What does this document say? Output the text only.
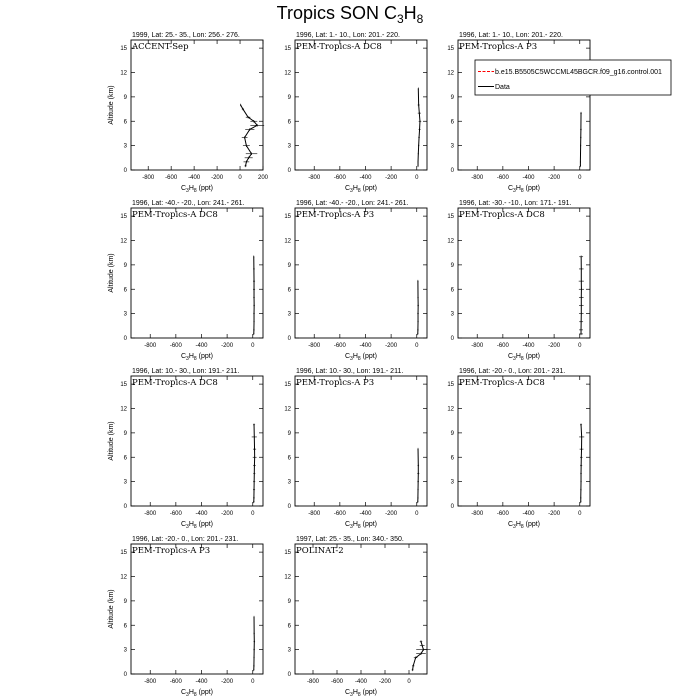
Tropics SON $C_3H_8$
1999, Lat: 25.- 35., Lon: 256.- 276.
ACCENT-Sep
-800 -600 -400 -200	0	200
0
3
6
9
12
15
$C_3H_8$ (ppt)
Altitude (km)
1996, Lat: 1.- 10., Lon: 201.- 220.
PEM-Tropics-A DC8
-800 -600 -400 -200	0
0
3
6
9
12
15
$C_3H_8$ (ppt)
1996, Lat: 1.- 10., Lon: 201.- 220.
PEM-Tropics-A P3
-800 -600 -400 -200	0
0
3
6
9
12
15
$C_3H_8$ (ppt)
1996, Lat: -40.- -20., Lon: 241.- 261.
PEM-Tropics-A DC8
-800 -600 -400 -200	0
0
3
6
9
12
15
$C_3H_8$ (ppt)
Altitude (km)
1996, Lat: -40.- -20., Lon: 241.- 261.
PEM-Tropics-A P3
-800 -600 -400 -200	0
0
3
6
9
12
15
$C_3H_8$ (ppt)
1996, Lat: -30.- -10., Lon: 171.- 191.
PEM-Tropics-A DC8
-800 -600 -400 -200	0
0
3
6
9
12
15
$C_3H_8$ (ppt)
1996, Lat: 10.- 30., Lon: 191.- 211.
PEM-Tropics-A DC8
-800 -600 -400 -200	0
0
3
6
9
12
15
$C_3H_8$ (ppt)
Altitude (km)
1996, Lat: 10.- 30., Lon: 191.- 211.
PEM-Tropics-A P3
-800 -600 -400 -200	0
0
3
6
9
12
15
$C_3H_8$ (ppt)
1996, Lat: -20.- 0., Lon: 201.- 231.
PEM-Tropics-A DC8
-800 -600 -400 -200	0
0
3
6
9
12
15
$C_3H_8$ (ppt)
1996, Lat: -20.- 0., Lon: 201.- 231.
PEM-Tropics-A P3
-800 -600 -400 -200	0
0
3
6
9
12
15
$C_3H_8$ (ppt)
Altitude (km)
1997, Lat: 25.- 35., Lon: 340.- 350.
POLINAT-2
-800 -600 -400 -200	0
0
3
6
9
12
15
$C_3H_8$ (ppt)
b.e15.B5505C5WCCML45BGCR.f09_g16.control.001
Data
